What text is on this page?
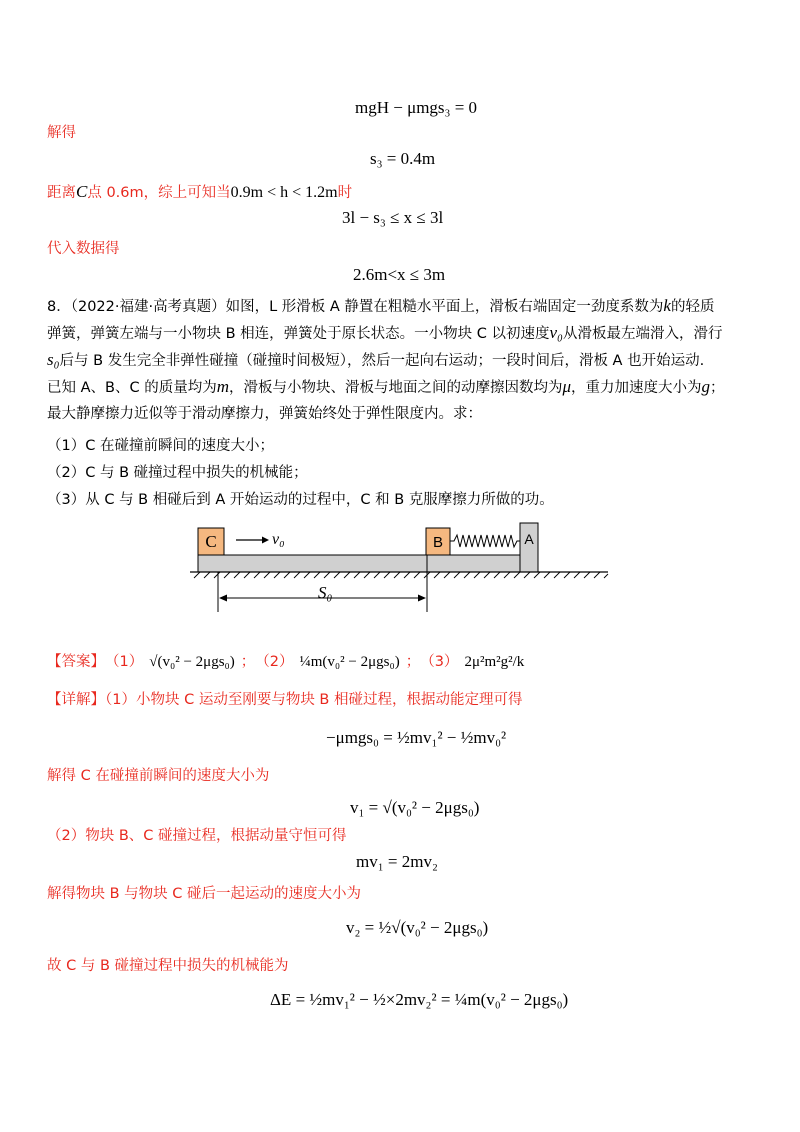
mgH − μmgs₃ = 0
解得
s₃ = 0.4m
距离C点 0.6m，综上可知当0.9m < h < 1.2m时
3l − s₃ ≤ x ≤ 3l
代入数据得
2.6m<x ≤ 3m
8．（2022·福建·高考真题）如图，L 形滑板 A 静置在粗糙水平面上，滑板右端固定一劲度系数为k的轻质
弹簧，弹簧左端与一小物块 B 相连，弹簧处于原长状态。一小物块 C 以初速度v₀从滑板最左端滑入，滑行
s₀后与 B 发生完全非弹性碰撞（碰撞时间极短），然后一起向右运动；一段时间后，滑板 A 也开始运动.
已知 A、B、C 的质量均为m，滑板与小物块、滑板与地面之间的动摩擦因数均为μ，重力加速度大小为g；
最大静摩擦力近似等于滑动摩擦力，弹簧始终处于弹性限度内。求：
（1）C 在碰撞前瞬间的速度大小；
（2）C 与 B 碰撞过程中损失的机械能；
（3）从 C 与 B 相碰后到 A 开始运动的过程中，C 和 B 克服摩擦力所做的功。
C	B	A
v₀
S₀
【答案】 （1） √(v₀² − 2μgs₀) ； （2） ¼m(v₀² − 2μgs₀) ； （3） 2μ²m²g²/k
【详解】（1）小物块 C 运动至刚要与物块 B 相碰过程，根据动能定理可得
−μmgs₀ = ½mv₁² − ½mv₀²
解得 C 在碰撞前瞬间的速度大小为
v₁ = √(v₀² − 2μgs₀)
（2）物块 B、C 碰撞过程，根据动量守恒可得
mv₁ = 2mv₂
解得物块 B 与物块 C 碰后一起运动的速度大小为
v₂ = ½√(v₀² − 2μgs₀)
故 C 与 B 碰撞过程中损失的机械能为
ΔE = ½mv₁² − ½×2mv₂² = ¼m(v₀² − 2μgs₀)
